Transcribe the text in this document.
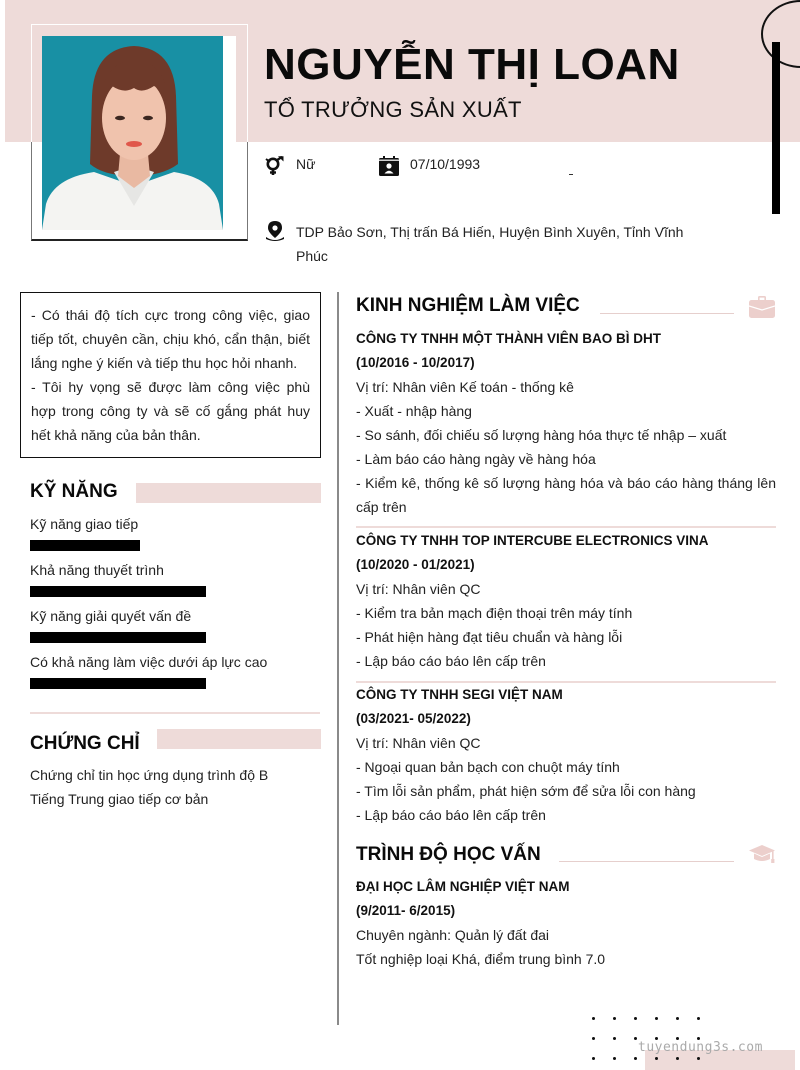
NGUYỄN THỊ LOAN
TỔ TRƯỞNG SẢN XUẤT
Nữ	07/10/1993
TDP Bảo Sơn, Thị trấn Bá Hiến, Huyện Bình Xuyên, Tỉnh Vĩnh
Phúc
- Có thái độ tích cực trong công việc, giao tiếp tốt, chuyên cần, chịu khó, cẩn thận, biết lắng nghe ý kiến và tiếp thu học hỏi nhanh.
- Tôi hy vọng sẽ được làm công việc phù hợp trong công ty và sẽ cố gắng phát huy hết khả năng của bản thân.
KỸ NĂNG
Kỹ năng giao tiếp
Khả năng thuyết trình
Kỹ năng giải quyết vấn đề
Có khả năng làm việc dưới áp lực cao
CHỨNG CHỈ
Chứng chỉ tin học ứng dụng trình độ B
Tiếng Trung giao tiếp cơ bản
KINH NGHIỆM LÀM VIỆC
CÔNG TY TNHH MỘT THÀNH VIÊN BAO BÌ DHT
(10/2016 - 10/2017)
Vị trí: Nhân viên Kế toán - thống kê
- Xuất - nhập hàng
- So sánh, đối chiếu số lượng hàng hóa thực tế nhập – xuất
- Làm báo cáo hàng ngày về hàng hóa
- Kiểm kê, thống kê số lượng hàng hóa và báo cáo hàng tháng lên cấp trên
CÔNG TY TNHH TOP INTERCUBE ELECTRONICS VINA
(10/2020 - 01/2021)
Vị trí: Nhân viên QC
- Kiểm tra bản mạch điện thoại trên máy tính
- Phát hiện hàng đạt tiêu chuẩn và hàng lỗi
- Lập báo cáo báo lên cấp trên
CÔNG TY TNHH SEGI VIỆT NAM
(03/2021- 05/2022)
Vị trí: Nhân viên QC
- Ngoại quan bản bạch con chuột máy tính
- Tìm lỗi sản phẩm, phát hiện sớm để sửa lỗi con hàng
- Lập báo cáo báo lên cấp trên
TRÌNH ĐỘ HỌC VẤN
ĐẠI HỌC LÂM NGHIỆP VIỆT NAM
(9/2011- 6/2015)
Chuyên ngành: Quản lý đất đai
Tốt nghiệp loại Khá, điểm trung bình 7.0
tuyendung3s.com
